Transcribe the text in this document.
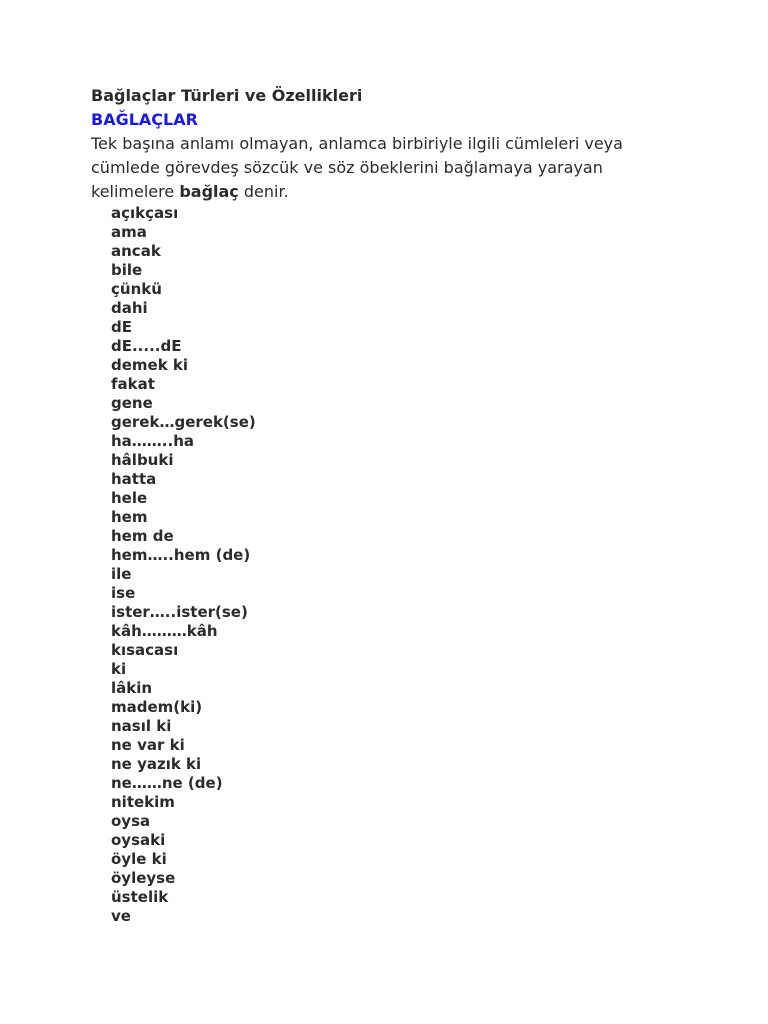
Bağlaçlar Türleri ve Özellikleri
BAĞLAÇLAR

Tek başına anlamı olmayan, anlamca birbiriyle ilgili cümleleri veya cümlede görevdeş sözcük ve söz öbeklerini bağlamaya yarayan kelimelere bağlaç denir.

açıkçası
ama
ancak
bile
çünkü
dahi
dE
dE.....dE
demek ki
fakat
gene
gerek…gerek(se)
ha……..ha
hâlbuki
hatta
hele
hem
hem de
hem…..hem (de)
ile
ise
ister…..ister(se)
kâh………kâh
kısacası
ki
lâkin
madem(ki)
nasıl ki
ne var ki
ne yazık ki
ne……ne (de)
nitekim
oysa
oysaki
öyle ki
öyleyse
üstelik
ve
